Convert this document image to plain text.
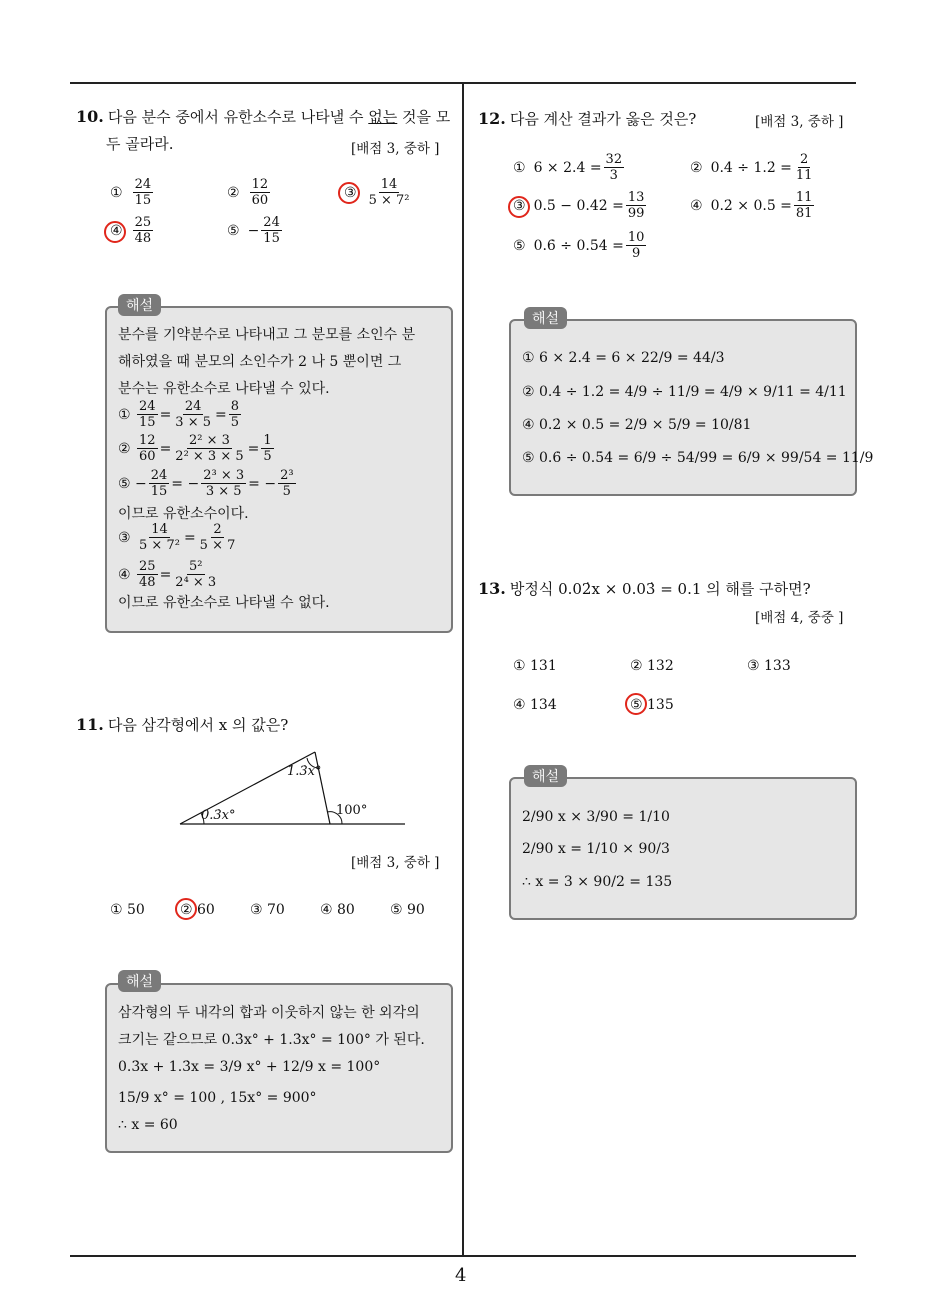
4
10. 다음 분수 중에서 유한소수로 나타낼 수 없는 것을 모
두 골라라.	[배점 3, 중하 ]
① $\frac{24}{15}$	② $\frac{12}{60}$	③ $\frac{14}{\text{5 × 7²}}$
④ $\frac{25}{48}$	⑤ − $\frac{24}{15}$
해설
분수를 기약분수로 나타내고 그 분모를 소인수 분
해하였을 때 분모의 소인수가 2 나 5 뿐이면 그
분수는 유한소수로 나타낼 수 있다.
①
$\frac{24}{15} = \frac{24}{3 \times 5} = \frac{8}{5}$
②
$\frac{12}{60} = \frac{\text{2² × 3}}{\text{2² × 3 × 5}} = \frac{1}{5}$
⑤ − $\frac{24}{15}$ = − $\frac{\text{2³ × 3}}{3 \times 5}$ = − $\frac{\text{2³}}{5}$
이므로 유한소수이다.
③
$\frac{14}{\text{5 × 7²}} = \frac{2}{5 \times 7}$
④
$\frac{25}{48} = \frac{\text{5²}}{\text{2⁴ × 3}}$
이므로 유한소수로 나타낼 수 없다.
11. 다음 삼각형에서 x 의 값은?
1.3̇x°
0.3̇x°	100°
[배점 3, 중하 ]
① 50	② 60	③ 70	④ 80	⑤ 90
해설
삼각형의 두 내각의 합과 이웃하지 않는 한 외각의
크기는 같으므로 0.3̇x° + 1.3̇x° = 100° 가 된다.
0.3̇x + 1.3̇x = 3/9 x° + 12/9 x = 100°
15/9 x° = 100 , 15x° = 900°
∴ x = 60
12. 다음 계산 결과가 옳은 것은?	[배점 3, 중하 ]
① 6 × 2.4̇ = $\frac{32}{3}$	② 0.4̇ ÷ 1.2̇ = $\frac{2}{11}$
③ 0.5̇ − 0.4̇2̇ = $\frac{13}{99}$	④ 0.2̇ × 0.5̇ = $\frac{11}{81}$
⑤ 0.6̇ ÷ 0.5̇4̇ = $\frac{10}{9}$
해설
① 6 × 2.4̇ = 6 × 22/9 = 44/3
② 0.4̇ ÷ 1.2̇ = 4/9 ÷ 11/9 = 4/9 × 9/11 = 4/11
④ 0.2̇ × 0.5̇ = 2/9 × 5/9 = 10/81
⑤ 0.6̇ ÷ 0.5̇4̇ = 6/9 ÷ 54/99 = 6/9 × 99/54 = 11/9
13. 방정식 0.02̇x × 0.03̇ = 0.1 의 해를 구하면?
[배점 4, 중중 ]
① 131	② 132	③ 133
④ 134	⑤ 135
해설
2/90 x × 3/90 = 1/10
2/90 x = 1/10 × 90/3
∴ x = 3 × 90/2 = 135
